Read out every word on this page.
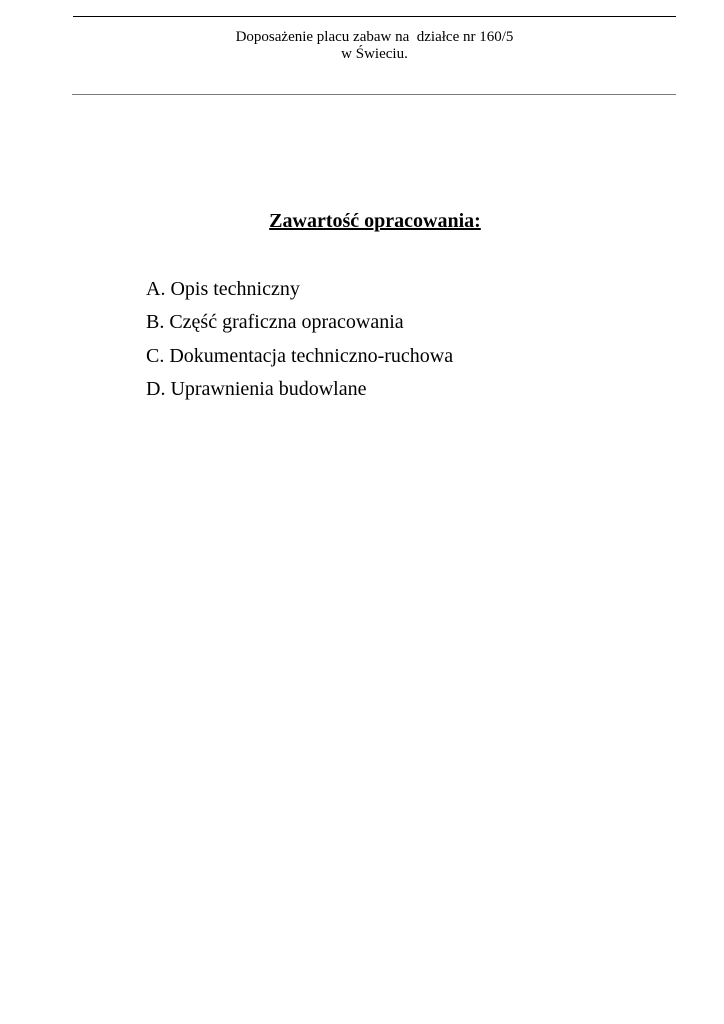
Doposażenie placu zabaw na  działce nr 160/5
w Świeciu.
Zawartość opracowania:
A. Opis techniczny
B. Część graficzna opracowania
C. Dokumentacja techniczno-ruchowa
D. Uprawnienia budowlane
